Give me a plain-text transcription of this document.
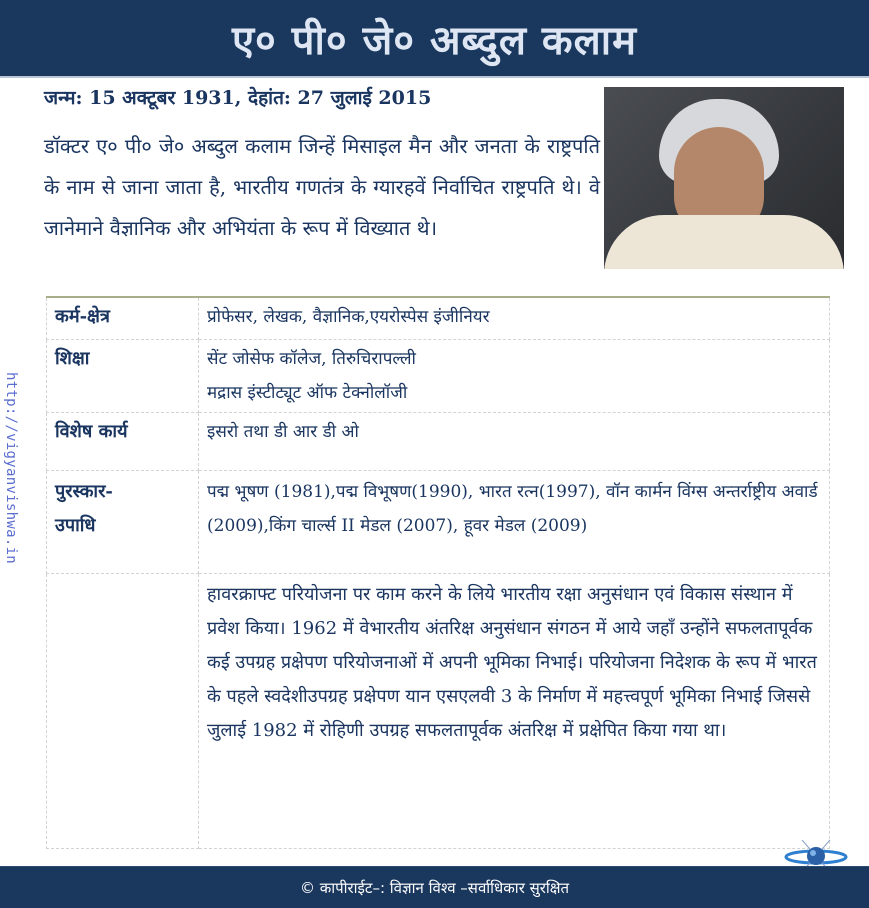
ए० पी० जे० अब्दुल कलाम
जन्म: 15 अक्टूबर 1931, देहांत: 27 जुलाई 2015

डॉक्टर ए० पी० जे० अब्दुल कलाम जिन्हें मिसाइल मैन और जनता के राष्ट्रपति के नाम से जाना जाता है, भारतीय गणतंत्र के ग्यारहवें निर्वाचित राष्ट्रपति थे। वे जानेमाने वैज्ञानिक और अभियंता के रूप में विख्यात थे।

कर्म-क्षेत्र	प्रोफेसर, लेखक, वैज्ञानिक,एयरोस्पेस इंजीनियर
शिक्षा	सेंट जोसेफ कॉलेज, तिरुचिरापल्ली
मद्रास इंस्टीट्यूट ऑफ टेक्नोलॉजी

विशेष कार्य	इसरो तथा डी आर डी ओ

पुरस्कार-
उपाधि	पद्म भूषण (1981),पद्म विभूषण(1990), भारत रत्न(1997), वॉन कार्मन विंग्स अन्तर्राष्ट्रीय अवार्ड (2009),किंग चार्ल्स II मेडल (2007), हूवर मेडल (2009)
	हावरक्राफ्ट परियोजना पर काम करने के लिये भारतीय रक्षा अनुसंधान एवं विकास संस्थान में प्रवेश किया। 1962 में वेभारतीय अंतरिक्ष अनुसंधान संगठन में आये जहाँ उन्होंने सफलतापूर्वक कई उपग्रह प्रक्षेपण परियोजनाओं में अपनी भूमिका निभाई। परियोजना निदेशक के रूप में भारत के पहले स्वदेशीउपग्रह प्रक्षेपण यान एसएलवी 3 के निर्माण में महत्त्वपूर्ण भूमिका निभाई जिससे जुलाई 1982 में रोहिणी उपग्रह सफलतापूर्वक अंतरिक्ष में प्रक्षेपित किया गया था।
http://vigyanvishwa.in
© कापीराईट–: विज्ञान विश्व –सर्वाधिकार सुरक्षित
